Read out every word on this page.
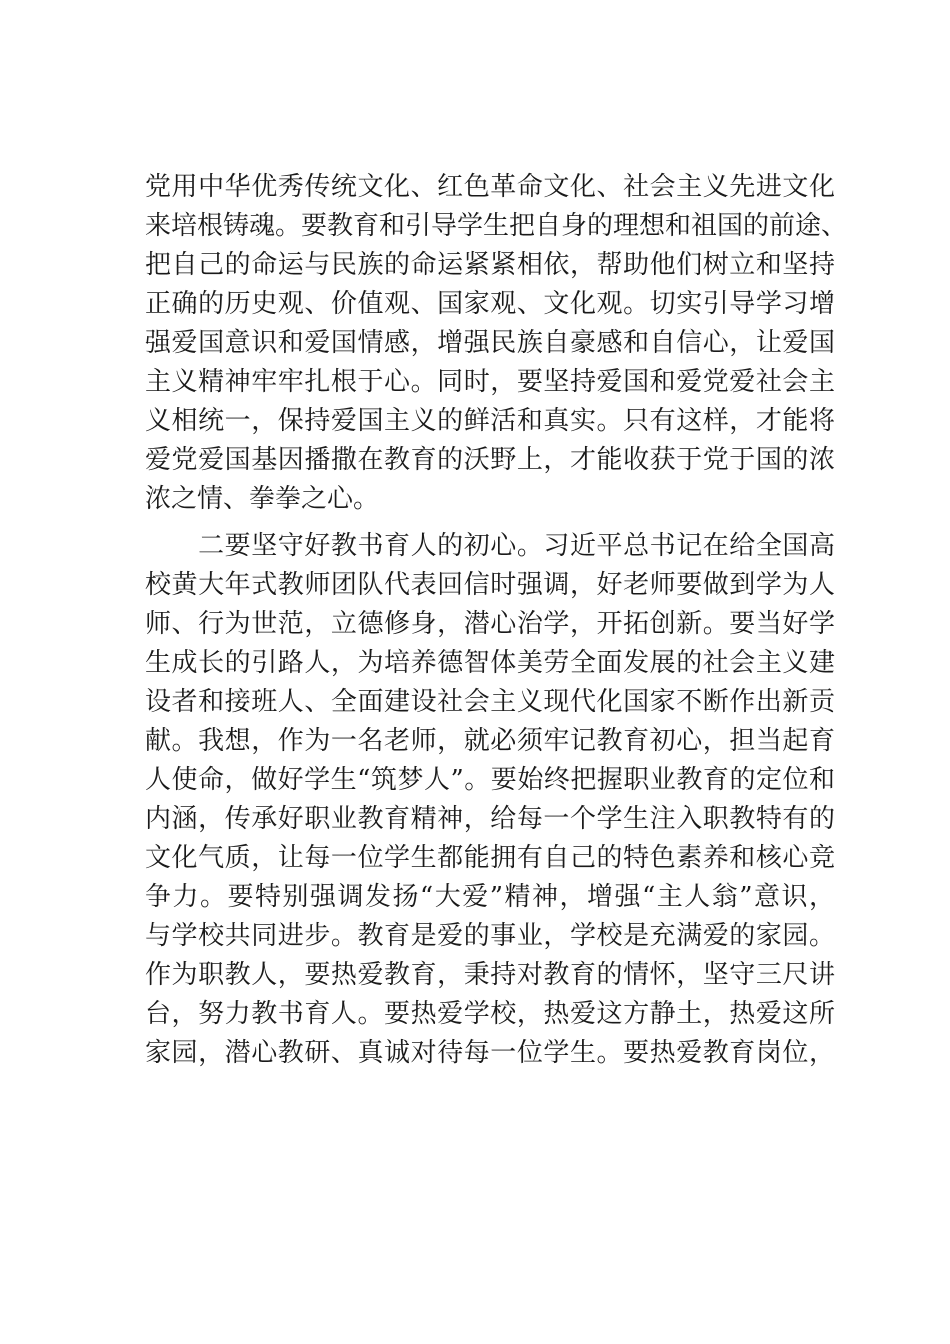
党用中华优秀传统文化、红色革命文化、社会主义先进文化
来培根铸魂。要教育和引导学生把自身的理想和祖国的前途、
把自己的命运与民族的命运紧紧相依，帮助他们树立和坚持
正确的历史观、价值观、国家观、文化观。切实引导学习增
强爱国意识和爱国情感，增强民族自豪感和自信心，让爱国
主义精神牢牢扎根于心。同时，要坚持爱国和爱党爱社会主
义相统一，保持爱国主义的鲜活和真实。只有这样，才能将
爱党爱国基因播撒在教育的沃野上，才能收获于党于国的浓
浓之情、拳拳之心。
　　二要坚守好教书育人的初心。习近平总书记在给全国高
校黄大年式教师团队代表回信时强调，好老师要做到学为人
师、行为世范，立德修身，潜心治学，开拓创新。要当好学
生成长的引路人，为培养德智体美劳全面发展的社会主义建
设者和接班人、全面建设社会主义现代化国家不断作出新贡
献。我想，作为一名老师，就必须牢记教育初心，担当起育
人使命，做好学生“筑梦人”。要始终把握职业教育的定位和
内涵，传承好职业教育精神，给每一个学生注入职教特有的
文化气质，让每一位学生都能拥有自己的特色素养和核心竞
争力。要特别强调发扬“大爱”精神，增强“主人翁”意识，
与学校共同进步。教育是爱的事业，学校是充满爱的家园。
作为职教人，要热爱教育，秉持对教育的情怀，坚守三尺讲
台，努力教书育人。要热爱学校，热爱这方静土，热爱这所
家园，潜心教研、真诚对待每一位学生。要热爱教育岗位，
